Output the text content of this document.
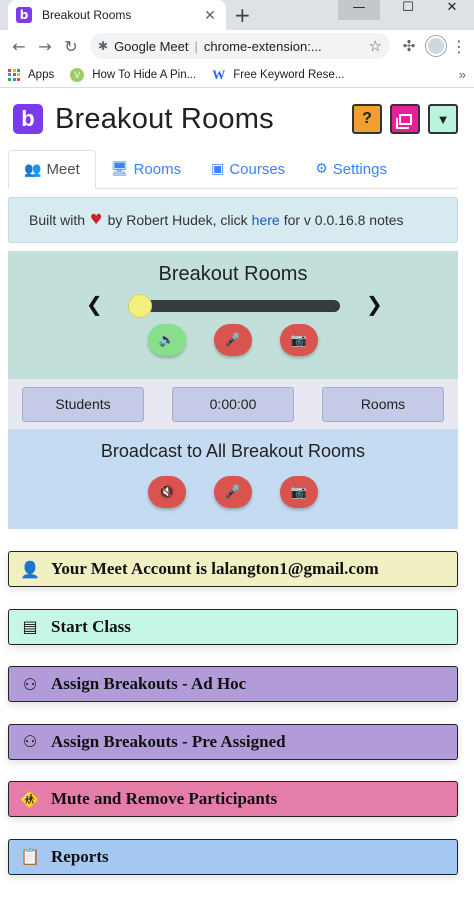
b	Breakout Rooms	✕ +	—	☐	✕
← → ↻	✱ Google Meet | chrome-extension:...	☆	✣	⋮
Apps	V	How To Hide A Pin... W Free Keyword Rese...	»
b Breakout Rooms	?	▼
👥 Meet 🖥 Rooms ▣ Courses ⚙ Settings
Built with ♥ by Robert Hudek, click here for v 0.0.16.8 notes
Breakout Rooms
❮	❯
🔊	🎤	📷
Students	0:00:00	Rooms
Broadcast to All Breakout Rooms
🔇	🎤	📷
👤 Your Meet Account is lalangton1@gmail.com
▤ Start Class
⚇ Assign Breakouts - Ad Hoc
⚇ Assign Breakouts - Pre Assigned
🚸 Mute and Remove Participants
📋 Reports
